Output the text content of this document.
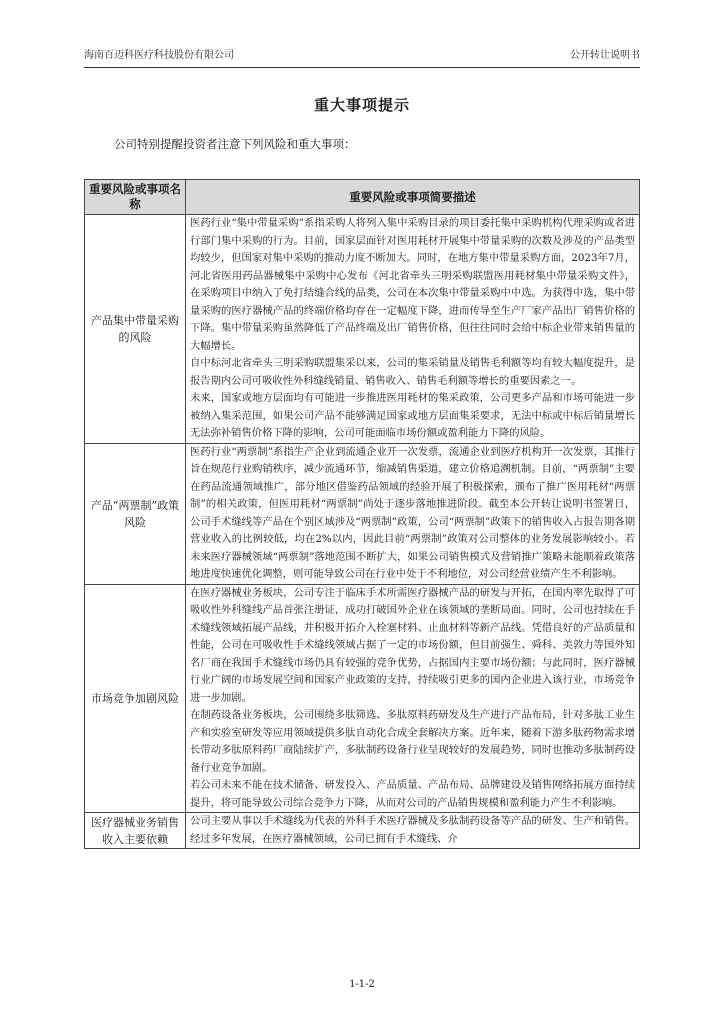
海南百迈科医疗科技股份有限公司	公开转让说明书
重大事项提示
公司特别提醒投资者注意下列风险和重大事项：
重要风险或事项名称	重要风险或事项简要描述
产品集中带量采购的风险	医药行业“集中带量采购”系指采购人将列入集中采购目录的项目委托集中采购机构代理采购或者进行部门集中采购的行为。目前，国家层面针对医用耗材开展集中带量采购的次数及涉及的产品类型均较少，但国家对集中采购的推动力度不断加大。同时，在地方集中带量采购方面，2023年7月，河北省医用药品器械集中采购中心发布《河北省牵头三明采购联盟医用耗材集中带量采购文件》，在采购项目中纳入了免打结缝合线的品类，公司在本次集中带量采购中中选。为获得中选，集中带量采购的医疗器械产品的终端价格均存在一定幅度下降，进而传导至生产厂家产品出厂销售价格的下降。集中带量采购虽然降低了产品终端及出厂销售价格，但往往同时会给中标企业带来销售量的大幅增长。

自中标河北省牵头三明采购联盟集采以来，公司的集采销量及销售毛利额等均有较大幅度提升，是报告期内公司可吸收性外科缝线销量、销售收入、销售毛利额等增长的重要因素之一。

未来，国家或地方层面均有可能进一步推进医用耗材的集采政策，公司更多产品和市场可能进一步被纳入集采范围，如果公司产品不能够满足国家或地方层面集采要求，无法中标或中标后销量增长无法弥补销售价格下降的影响，公司可能面临市场份额或盈利能力下降的风险。

产品“两票制”政策风险	医药行业“两票制”系指生产企业到流通企业开一次发票，流通企业到医疗机构开一次发票，其推行旨在规范行业购销秩序，减少流通环节，缩减销售渠道，建立价格追溯机制。目前，“两票制”主要在药品流通领域推广，部分地区借鉴药品领域的经验开展了积极探索，颁布了推广医用耗材“两票制”的相关政策，但医用耗材“两票制”尚处于逐步落地推进阶段。截至本公开转让说明书签署日，公司手术缝线等产品在个别区域涉及“两票制”政策，公司“两票制”政策下的销售收入占报告期各期营业收入的比例较低，均在2%以内，因此目前“两票制”政策对公司整体的业务发展影响较小。若未来医疗器械领域“两票制”落地范围不断扩大，如果公司销售模式及营销推广策略未能顺着政策落地进度快速优化调整，则可能导致公司在行业中处于不利地位，对公司经营业绩产生不利影响。

市场竞争加剧风险	在医疗器械业务板块，公司专注于临床手术所需医疗器械产品的研发与开拓，在国内率先取得了可吸收性外科缝线产品首张注册证，成功打破国外企业在该领域的垄断局面。同时，公司也持续在手术缝线领域拓展产品线，并积极开拓介入栓塞材料、止血材料等新产品线。凭借良好的产品质量和性能，公司在可吸收性手术缝线领域占据了一定的市场份额，但目前强生、舜科、美敦力等国外知名厂商在我国手术缝线市场仍具有较强的竞争优势，占据国内主要市场份额；与此同时，医疗器械行业广阔的市场发展空间和国家产业政策的支持，持续吸引更多的国内企业进入该行业，市场竞争进一步加剧。

在制药设备业务板块，公司围绕多肽筛选、多肽原料药研发及生产进行产品布局，针对多肽工业生产和实验室研发等应用领域提供多肽自动化合成全套解决方案。近年来，随着下游多肽药物需求增长带动多肽原料药厂商陆续扩产，多肽制药设备行业呈现较好的发展趋势，同时也推动多肽制药设备行业竞争加剧。

若公司未来不能在技术储备、研发投入、产品质量、产品布局、品牌建设及销售网络拓展方面持续提升，将可能导致公司综合竞争力下降，从而对公司的产品销售规模和盈利能力产生不利影响。

医疗器械业务销售收入主要依赖	公司主要从事以手术缝线为代表的外科手术医疗器械及多肽制药设备等产品的研发、生产和销售。经过多年发展，在医疗器械领域，公司已拥有手术缝线、介

1-1-2
